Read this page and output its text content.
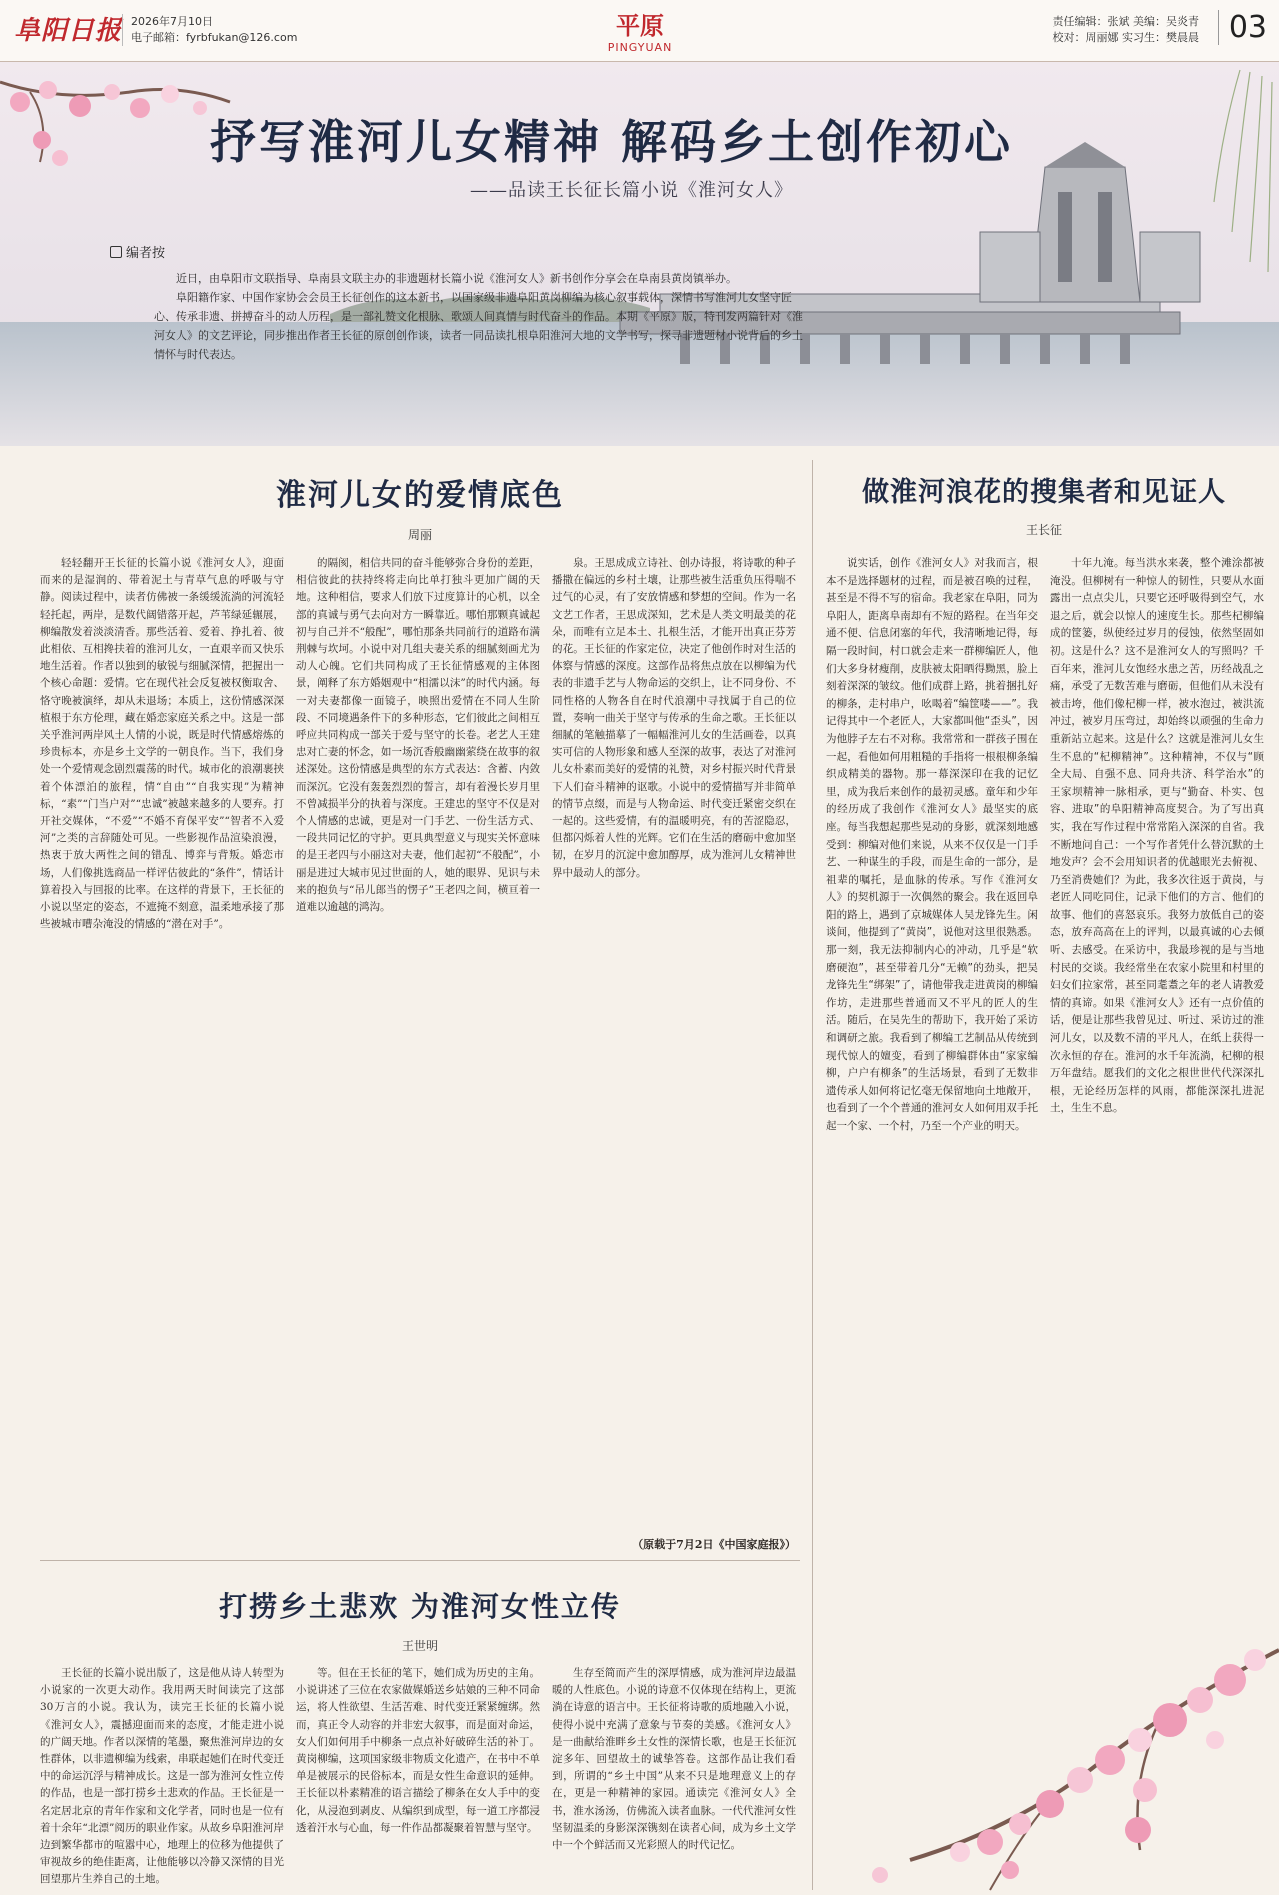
阜阳日报 2026年7月10日
电子邮箱：fyrbfukan@126.com	平原
PINGYUAN
责任编辑：张斌 美编：吴炎青
校对：周丽娜 实习生：樊晨晨 03
抒写淮河儿女精神 解码乡土创作初心
——品读王长征长篇小说《淮河女人》
编者按

近日，由阜阳市文联指导、阜南县文联主办的非遗题材长篇小说《淮河女人》新书创作分享会在阜南县黄岗镇举办。

阜阳籍作家、中国作家协会会员王长征创作的这本新书，以国家级非遗阜阳黄岗柳编为核心叙事载体，深情书写淮河儿女坚守匠心、传承非遗、拼搏奋斗的动人历程，是一部礼赞文化根脉、歌颂人间真情与时代奋斗的作品。本期《平原》版，特刊发两篇针对《淮河女人》的文艺评论，同步推出作者王长征的原创创作谈，读者一同品读扎根阜阳淮河大地的文学书写，探寻非遗题材小说背后的乡土情怀与时代表达。

淮河儿女的爱情底色
周丽

轻轻翻开王长征的长篇小说《淮河女人》，迎面而来的是湿润的、带着泥土与青草气息的呼吸与守静。阅读过程中，读者仿佛被一条缓缓流淌的河流轻轻托起，两岸，是数代阔错落开起，芦苇绿延辗展，柳编散发着淡淡清香。那些活着、爱着、挣扎着、彼此相依、互相搀扶着的淮河儿女，一直艰辛而又快乐地生活着。作者以独到的敏锐与细腻深情，把握出一个核心命题：爱情。它在现代社会反复被权衡取舍、恪守晚被演绎，却从未退场；本质上，这份情感深深植根于东方伦理，藏在婚恋家庭关系之中。这是一部关乎淮河两岸风土人情的小说，既是时代情感熔炼的珍贵标本，亦是乡土文学的一朝良作。当下，我们身处一个爱情观念剧烈震荡的时代。城市化的浪潮裹挟着个体漂泊的旅程，情“自由”“自我实现”为精神标，“素”“门当户对”“忠诚”被越来越多的人要弃。打开社交媒体，“不爱”“不婚不育保平安”“智者不入爱河”之类的言辞随处可见。一些影视作品渲染浪漫，热衷于放大两性之间的错乱、博弈与背叛。婚恋市场，人们像挑选商品一样评估彼此的“条件”，情话计算着投入与回报的比率。在这样的背景下，王长征的小说以坚定的姿态，不遮掩不刻意，温柔地承接了那些被城市嘈杂淹没的情感的“潜在对手”。

的隔阂，相信共同的奋斗能够弥合身份的差距，相信彼此的扶持终将走向比单打独斗更加广阔的天地。这种相信，要求人们放下过度算计的心机，以全部的真诚与勇气去向对方一瞬靠近。哪怕那颗真诚起初与自己并不“般配”，哪怕那条共同前行的道路布满荆棘与坎坷。小说中对几组夫妻关系的细腻刻画尤为动人心魄。它们共同构成了王长征情感观的主体图景，阐释了东方婚姻观中“相濡以沫”的时代内涵。每一对夫妻都像一面镜子，映照出爱情在不同人生阶段、不同境遇条件下的多种形态，它们彼此之间相互呼应共同构成一部关于爱与坚守的长卷。老艺人王建忠对亡妻的怀念，如一场沉香般幽幽萦绕在故事的叙述深处。这份情感是典型的东方式表达：含蓄、内敛而深沉。它没有轰轰烈烈的誓言，却有着漫长岁月里不曾减损半分的执着与深度。王建忠的坚守不仅是对个人情感的忠诚，更是对一门手艺、一份生活方式、一段共同记忆的守护。更具典型意义与现实关怀意味的是王老四与小丽这对夫妻，他们起初“不般配”，小丽是进过大城市见过世面的人，她的眼界、见识与未来的抱负与“吊儿郎当的愣子”王老四之间，横亘着一道难以逾越的鸿沟。

泉。王思成成立诗社、创办诗报，将诗歌的种子播撒在偏远的乡村土壤，让那些被生活重负压得喘不过气的心灵，有了安放情感和梦想的空间。作为一名文艺工作者，王思成深知，艺术是人类文明最美的花朵，而唯有立足本土、扎根生活，才能开出真正芬芳的花。王长征的作家定位，决定了他创作时对生活的体察与情感的深度。这部作品将焦点放在以柳编为代表的非遗手艺与人物命运的交织上，让不同身份、不同性格的人物各自在时代浪潮中寻找属于自己的位置，奏响一曲关于坚守与传承的生命之歌。王长征以细腻的笔触描摹了一幅幅淮河儿女的生活画卷，以真实可信的人物形象和感人至深的故事，表达了对淮河儿女朴素而美好的爱情的礼赞，对乡村振兴时代背景下人们奋斗精神的讴歌。小说中的爱情描写并非简单的情节点缀，而是与人物命运、时代变迁紧密交织在一起的。这些爱情，有的温暖明亮，有的苦涩隐忍，但都闪烁着人性的光辉。它们在生活的磨砺中愈加坚韧，在岁月的沉淀中愈加醇厚，成为淮河儿女精神世界中最动人的部分。

（原载于7月2日《中国家庭报》）
打捞乡土悲欢 为淮河女性立传
王世明

王长征的长篇小说出版了，这是他从诗人转型为小说家的一次更大动作。我用两天时间读完了这部30万言的小说。我认为，读完王长征的长篇小说《淮河女人》，震撼迎面而来的态度，才能走进小说的广阔天地。作者以深情的笔墨，聚焦淮河岸边的女性群体，以非遗柳编为线索，串联起她们在时代变迁中的命运沉浮与精神成长。这是一部为淮河女性立传的作品，也是一部打捞乡土悲欢的作品。王长征是一名定居北京的青年作家和文化学者，同时也是一位有着十余年“北漂”阅历的职业作家。从故乡阜阳淮河岸边到繁华都市的喧嚣中心，地理上的位移为他提供了审视故乡的绝佳距离，让他能够以冷静又深情的目光回望那片生养自己的土地。

等。但在王长征的笔下，她们成为历史的主角。小说讲述了三位在农家做媒婚送乡姑娘的三种不同命运，将人性欲望、生活苦难、时代变迁紧紧缠绑。然而，真正令人动容的并非宏大叙事，而是面对命运，女人们如何用手中柳条一点点补好破碎生活的补丁。黄岗柳编，这项国家级非物质文化遗产，在书中不单单是被展示的民俗标本，而是女性生命意识的延伸。王长征以朴素精准的语言描绘了柳条在女人手中的变化，从浸泡到剥皮、从编织到成型，每一道工序都浸透着汗水与心血，每一件作品都凝聚着智慧与坚守。

生存至简而产生的深厚情感，成为淮河岸边最温暖的人性底色。小说的诗意不仅体现在结构上，更流淌在诗意的语言中。王长征将诗歌的质地融入小说，使得小说中充满了意象与节奏的美感。《淮河女人》是一曲献给淮畔乡土女性的深情长歌，也是王长征沉淀多年、回望故土的诚挚答卷。这部作品让我们看到，所谓的“乡土中国”从来不只是地理意义上的存在，更是一种精神的家园。通读完《淮河女人》全书，淮水汤汤，仿佛流入读者血脉。一代代淮河女性坚韧温柔的身影深深镌刻在读者心间，成为乡土文学中一个个鲜活而又光彩照人的时代记忆。

做淮河浪花的搜集者和见证人
王长征

说实话，创作《淮河女人》对我而言，根本不是选择题材的过程，而是被召唤的过程，甚至是不得不写的宿命。我老家在阜阳，同为阜阳人，距离阜南却有不短的路程。在当年交通不便、信息闭塞的年代，我清晰地记得，每隔一段时间，村口就会走来一群柳编匠人，他们大多身材瘦削，皮肤被太阳晒得黝黑，脸上刻着深深的皱纹。他们成群上路，挑着捆扎好的柳条，走村串户，吆喝着“编筐喽——”。我记得其中一个老匠人，大家都叫他“歪头”，因为他脖子左右不对称。我常常和一群孩子围在一起，看他如何用粗糙的手指将一根根柳条编织成精美的器物。那一幕深深印在我的记忆里，成为我后来创作的最初灵感。童年和少年的经历成了我创作《淮河女人》最坚实的底座。每当我想起那些晃动的身影，就深刻地感受到：柳编对他们来说，从来不仅仅是一门手艺、一种谋生的手段，而是生命的一部分，是祖辈的嘱托，是血脉的传承。写作《淮河女人》的契机源于一次偶然的聚会。我在返回阜阳的路上，遇到了京城媒体人吴龙锋先生。闲谈间，他提到了“黄岗”，说他对这里很熟悉。那一刻，我无法抑制内心的冲动，几乎是“软磨硬泡”，甚至带着几分“无赖”的劲头，把吴龙锋先生“绑架”了，请他带我走进黄岗的柳编作坊，走进那些普通而又不平凡的匠人的生活。随后，在吴先生的帮助下，我开始了采访和调研之旅。我看到了柳编工艺制品从传统到现代惊人的嬗变，看到了柳编群体由“家家编柳，户户有柳条”的生活场景，看到了无数非遗传承人如何将记忆毫无保留地向土地敞开，也看到了一个个普通的淮河女人如何用双手托起一个家、一个村，乃至一个产业的明天。

十年九淹。每当洪水来袭，整个滩涂都被淹没。但柳树有一种惊人的韧性，只要从水面露出一点点尖儿，只要它还呼吸得到空气，水退之后，就会以惊人的速度生长。那些杞柳编成的筐篓，纵使经过岁月的侵蚀，依然坚固如初。这是什么？这不是淮河女人的写照吗？千百年来，淮河儿女饱经水患之苦，历经战乱之痛，承受了无数苦难与磨砺，但他们从未没有被击垮，他们像杞柳一样，被水泡过，被洪流冲过，被岁月压弯过，却始终以顽强的生命力重新站立起来。这是什么？这就是淮河儿女生生不息的“杞柳精神”。这种精神，不仅与“顾全大局、自强不息、同舟共济、科学治水”的王家坝精神一脉相承，更与“勤奋、朴实、包容、进取”的阜阳精神高度契合。为了写出真实，我在写作过程中常常陷入深深的自省。我不断地问自己：一个写作者凭什么替沉默的土地发声？会不会用知识者的优越眼光去俯视、乃至消费她们？为此，我多次往返于黄岗，与老匠人同吃同住，记录下他们的方言、他们的故事、他们的喜怒哀乐。我努力放低自己的姿态，放弃高高在上的评判，以最真诚的心去倾听、去感受。在采访中，我最珍视的是与当地村民的交谈。我经常坐在农家小院里和村里的妇女们拉家常，甚至同耄耋之年的老人请教爱情的真谛。如果《淮河女人》还有一点价值的话，便是让那些我曾见过、听过、采访过的淮河儿女，以及数不清的平凡人，在纸上获得一次永恒的存在。淮河的水千年流淌，杞柳的根万年盘结。愿我们的文化之根世世代代深深扎根，无论经历怎样的风雨，都能深深扎进泥土，生生不息。
